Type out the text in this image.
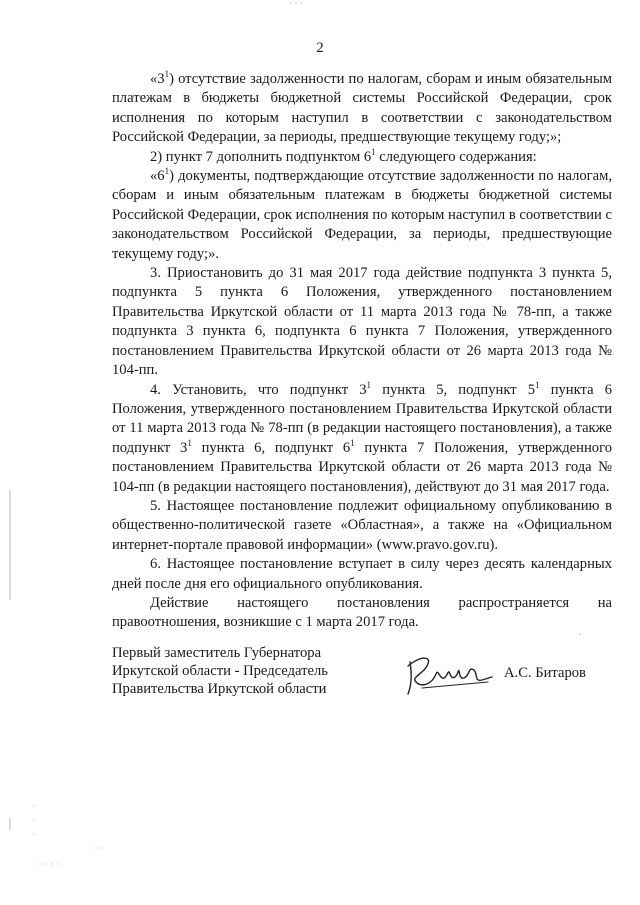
2

«$3^1$) отсутствие задолженности по налогам, сборам и иным обязательным платежам в бюджеты бюджетной системы Российской Федерации, срок исполнения по которым наступил в соответствии с законодательством Российской Федерации, за периоды, предшествующие текущему году;»;

2) пункт 7 дополнить подпунктом $6^1$ следующего содержания:

«$6^1$) документы, подтверждающие отсутствие задолженности по налогам, сборам и иным обязательным платежам в бюджеты бюджетной системы Российской Федерации, срок исполнения по которым наступил в соответствии с законодательством Российской Федерации, за периоды, предшествующие текущему году;».

3. Приостановить до 31 мая 2017 года действие подпункта 3 пункта 5, подпункта 5 пункта 6 Положения, утвержденного постановлением Правительства Иркутской области от 11 марта 2013 года № 78-пп, а также подпункта 3 пункта 6, подпункта 6 пункта 7 Положения, утвержденного постановлением Правительства Иркутской области от 26 марта 2013 года № 104-пп.

4. Установить, что подпункт $3^1$ пункта 5, подпункт $5^1$ пункта 6 Положения, утвержденного постановлением Правительства Иркутской области от 11 марта 2013 года № 78-пп (в редакции настоящего постановления), а также подпункт $3^1$ пункта 6, подпункт $6^1$ пункта 7 Положения, утвержденного постановлением Правительства Иркутской области от 26 марта 2013 года № 104-пп (в редакции настоящего постановления), действуют до 31 мая 2017 года.

5. Настоящее постановление подлежит официальному опубликованию в общественно-политической газете «Областная», а также на «Официальном интернет-портале правовой информации» (www.pravo.gov.ru).

6. Настоящее постановление вступает в силу через десять календарных дней после дня его официального опубликования.

Действие настоящего постановления распространяется на
правоотношения, возникшие с 1 марта 2017 года.
Первый заместитель Губернатора
Иркутской области - Председатель
Правительства Иркутской области
А.С. Битаров
